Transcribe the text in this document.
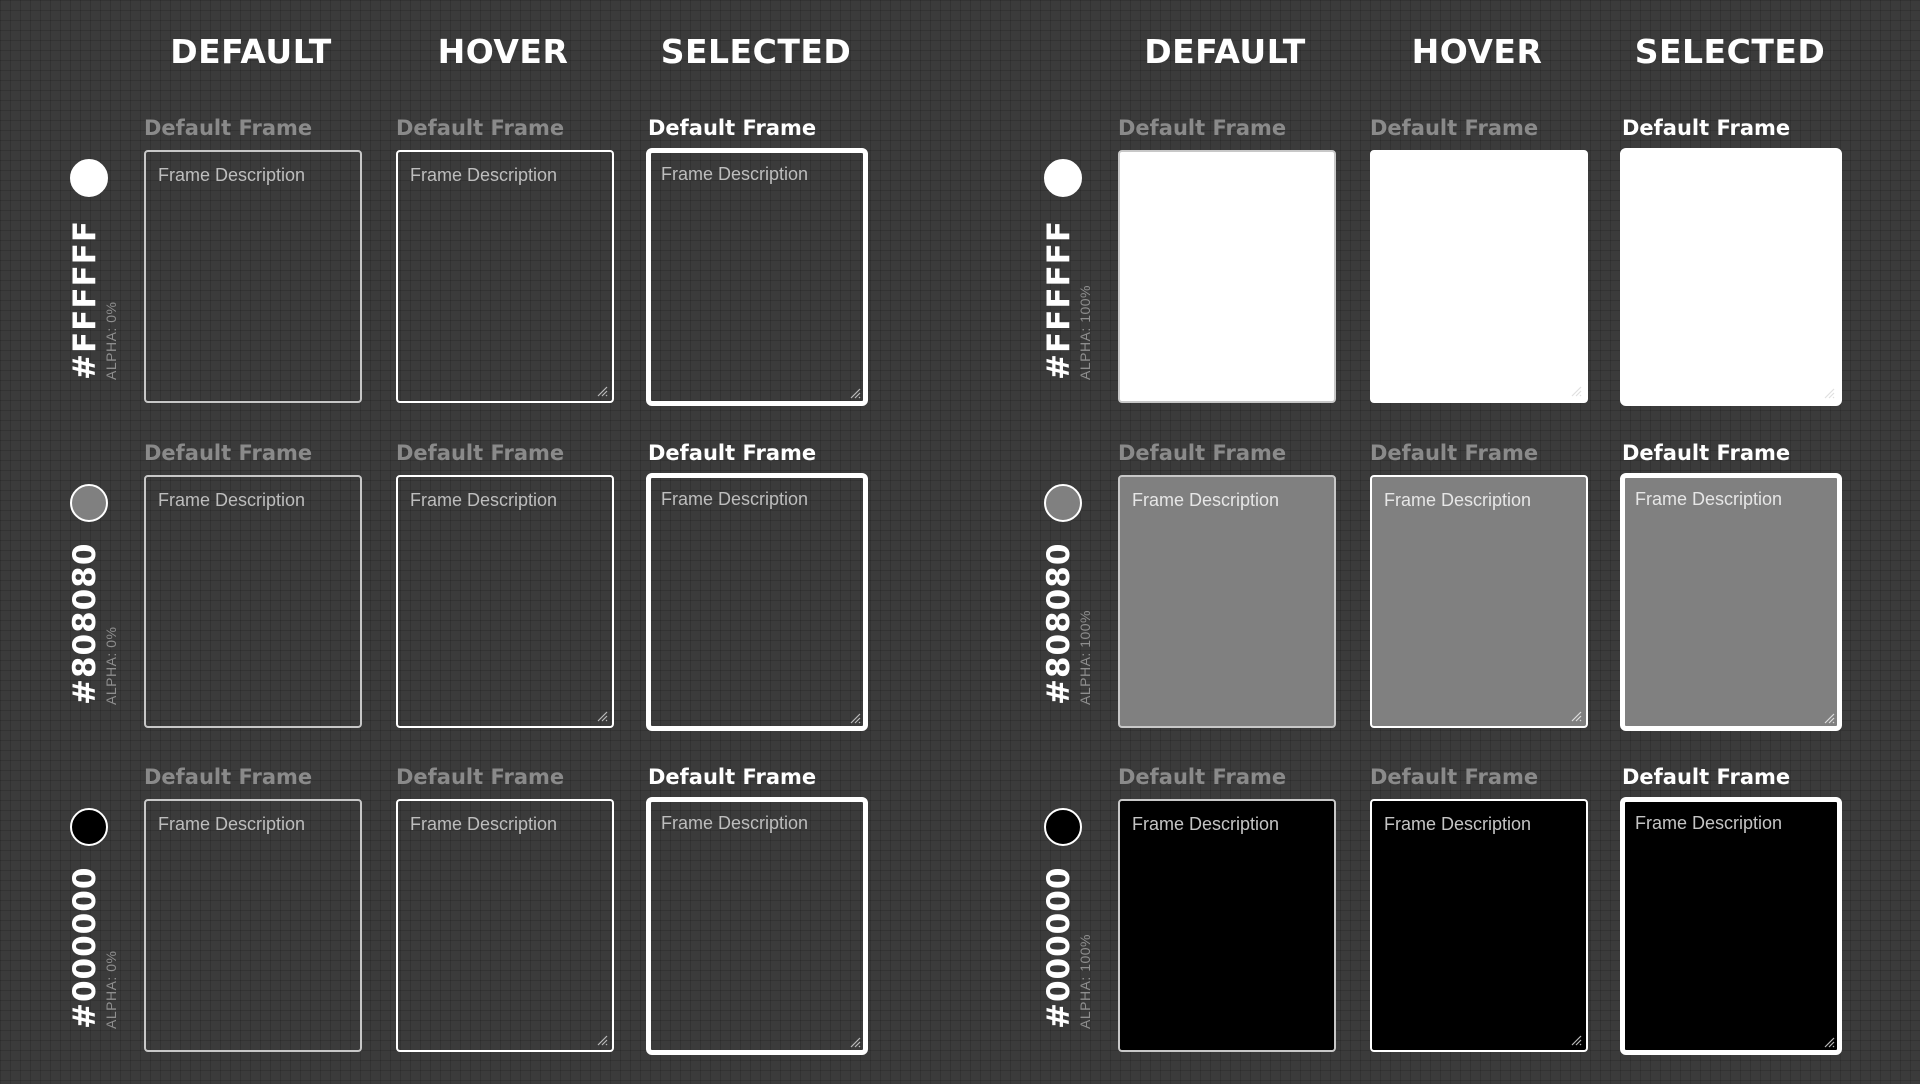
DEFAULT	HOVER	SELECTED
#FFFFFF ALPHA: 0%
Default Frame
Frame Description
Default Frame
Frame Description
Default Frame
Frame Description
#808080 ALPHA: 0%
Default Frame
Frame Description
Default Frame
Frame Description
Default Frame
Frame Description
#000000 ALPHA: 0%
Default Frame
Frame Description
Default Frame
Frame Description
Default Frame
Frame Description
DEFAULT	HOVER	SELECTED
#FFFFFF ALPHA: 100%
Default Frame	Default Frame	Default Frame
#808080 ALPHA: 100%
Default Frame
Frame Description
Default Frame
Frame Description
Default Frame
Frame Description
#000000 ALPHA: 100%
Default Frame
Frame Description
Default Frame
Frame Description
Default Frame
Frame Description
